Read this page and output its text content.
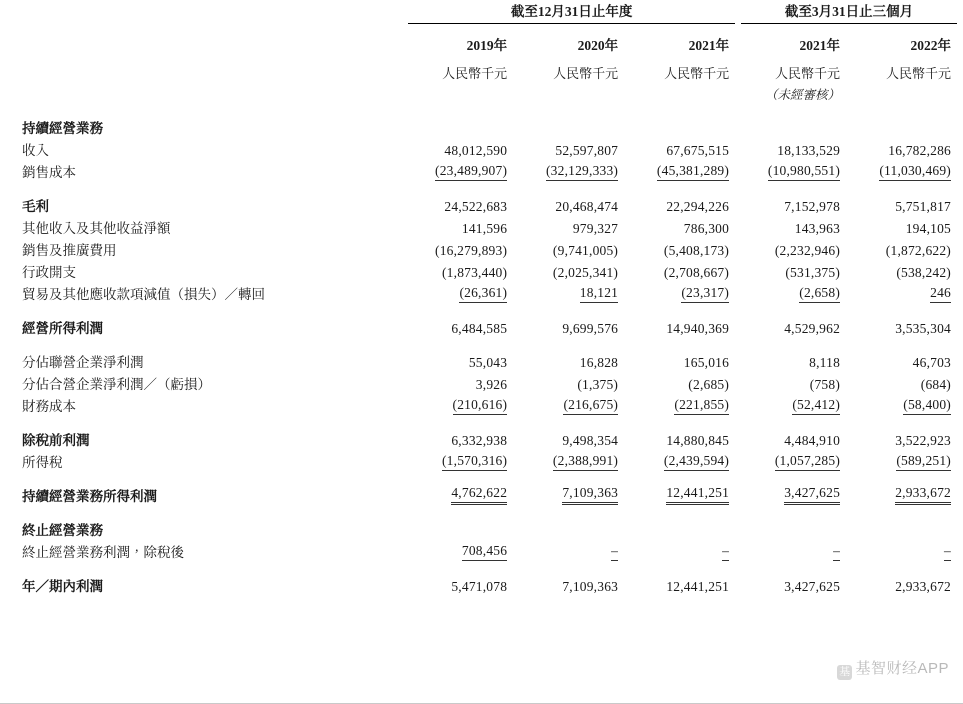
	截至12月31日止年度			截至3月31日止三個月	

	2019年	2020年	2021年	2021年	2022年
	人民幣千元	人民幣千元	人民幣千元	人民幣千元	人民幣千元
				（未經審核）	

持續經營業務					
收入	48,012,590	52,597,807	67,675,515	18,133,529	16,782,286
銷售成本	(23,489,907)	(32,129,333)	(45,381,289)	(10,980,551)	(11,030,469)

毛利	24,522,683	20,468,474	22,294,226	7,152,978	5,751,817
其他收入及其他收益淨額	141,596	979,327	786,300	143,963	194,105
銷售及推廣費用	(16,279,893)	(9,741,005)	(5,408,173)	(2,232,946)	(1,872,622)
行政開支	(1,873,440)	(2,025,341)	(2,708,667)	(531,375)	(538,242)
貿易及其他應收款項減值（損失）／轉回	(26,361)	18,121	(23,317)	(2,658)	246

經營所得利潤	6,484,585	9,699,576	14,940,369	4,529,962	3,535,304

分佔聯營企業淨利潤	55,043	16,828	165,016	8,118	46,703
分佔合營企業淨利潤／（虧損）	3,926	(1,375)	(2,685)	(758)	(684)
財務成本	(210,616)	(216,675)	(221,855)	(52,412)	(58,400)

除稅前利潤	6,332,938	9,498,354	14,880,845	4,484,910	3,522,923
所得稅	(1,570,316)	(2,388,991)	(2,439,594)	(1,057,285)	(589,251)

持續經營業務所得利潤	4,762,622	7,109,363	12,441,251	3,427,625	2,933,672

終止經營業務					
終止經營業務利潤，除稅後	708,456	–	–	–	–

年／期內利潤	5,471,078	7,109,363	12,441,251	3,427,625	2,933,672
基 基智财经APP
